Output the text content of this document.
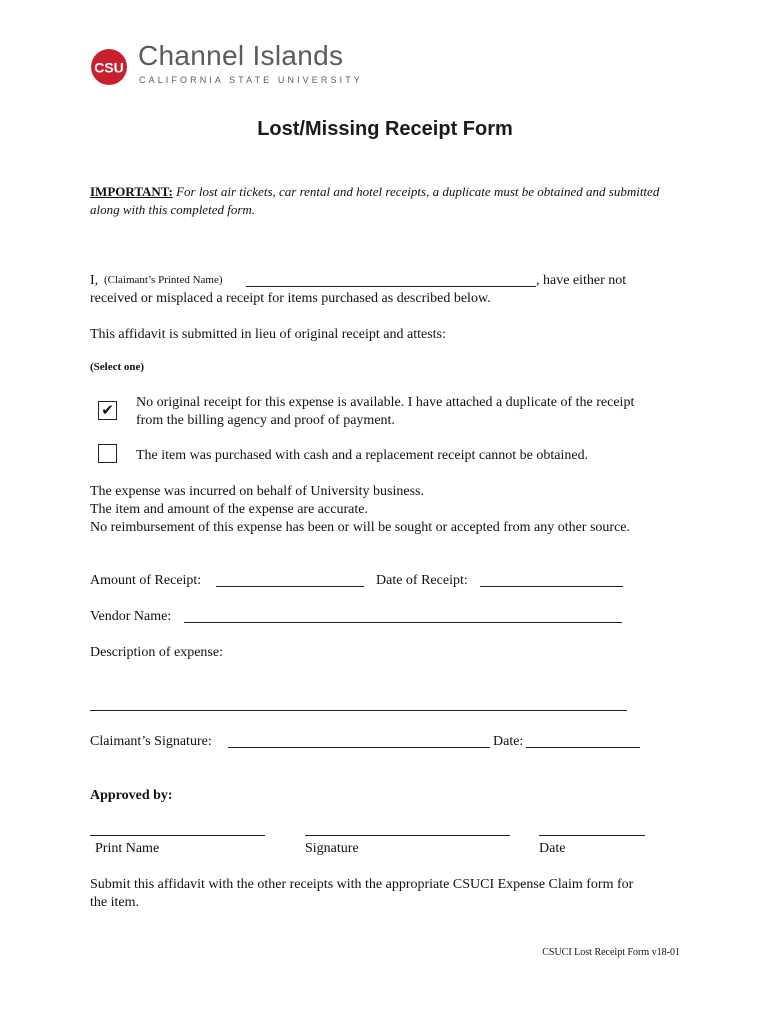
CSU Channel Islands
CALIFORNIA STATE UNIVERSITY
Lost/Missing Receipt Form
IMPORTANT: For lost air tickets, car rental and hotel receipts, a duplicate must be obtained and submitted along with this completed form.
I, (Claimant’s Printed Name)	, have either not
received or misplaced a receipt for items purchased as described below.
This affidavit is submitted in lieu of original receipt and attests:
(Select one)
✔ No original receipt for this expense is available. I have attached a duplicate of the receipt
from the billing agency and proof of payment.
The item was purchased with cash and a replacement receipt cannot be obtained.
The expense was incurred on behalf of University business.
The item and amount of the expense are accurate.
No reimbursement of this expense has been or will be sought or accepted from any other source.
Amount of Receipt:	Date of Receipt:
Vendor Name:
Description of expense:
Claimant’s Signature:	Date:
Approved by:
Print Name	Signature	Date
Submit this affidavit with the other receipts with the appropriate CSUCI Expense Claim form for
the item.
CSUCI Lost Receipt Form v18-01
